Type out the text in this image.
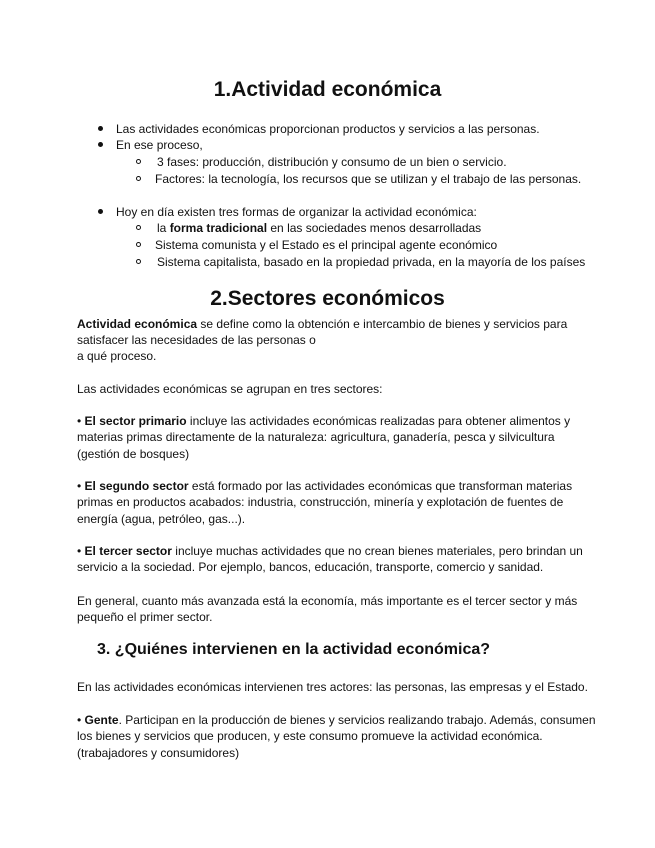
1.Actividad económica

Las actividades económicas proporcionan productos y servicios a las personas.

En ese proceso,

3 fases: producción, distribución y consumo de un bien o servicio.

Factores: la tecnología, los recursos que se utilizan y el trabajo de las personas.

Hoy en día existen tres formas de organizar la actividad económica:

la forma tradicional en las sociedades menos desarrolladas

Sistema comunista y el Estado es el principal agente económico

Sistema capitalista, basado en la propiedad privada, en la mayoría de los países

2.Sectores económicos

Actividad económica se define como la obtención e intercambio de bienes y servicios para

satisfacer las necesidades de las personas o

a qué proceso.

Las actividades económicas se agrupan en tres sectores:

• El sector primario incluye las actividades económicas realizadas para obtener alimentos y materias primas directamente de la naturaleza: agricultura, ganadería, pesca y silvicultura (gestión de bosques)

• El segundo sector está formado por las actividades económicas que transforman materias primas en productos acabados: industria, construcción, minería y explotación de fuentes de energía (agua, petróleo, gas...).

• El tercer sector incluye muchas actividades que no crean bienes materiales, pero brindan un servicio a la sociedad. Por ejemplo, bancos, educación, transporte, comercio y sanidad.

En general, cuanto más avanzada está la economía, más importante es el tercer sector y más pequeño el primer sector.

3. ¿Quiénes intervienen en la actividad económica?

En las actividades económicas intervienen tres actores: las personas, las empresas y el Estado.

• Gente. Participan en la producción de bienes y servicios realizando trabajo. Además, consumen los bienes y servicios que producen, y este consumo promueve la actividad económica. (trabajadores y consumidores)
